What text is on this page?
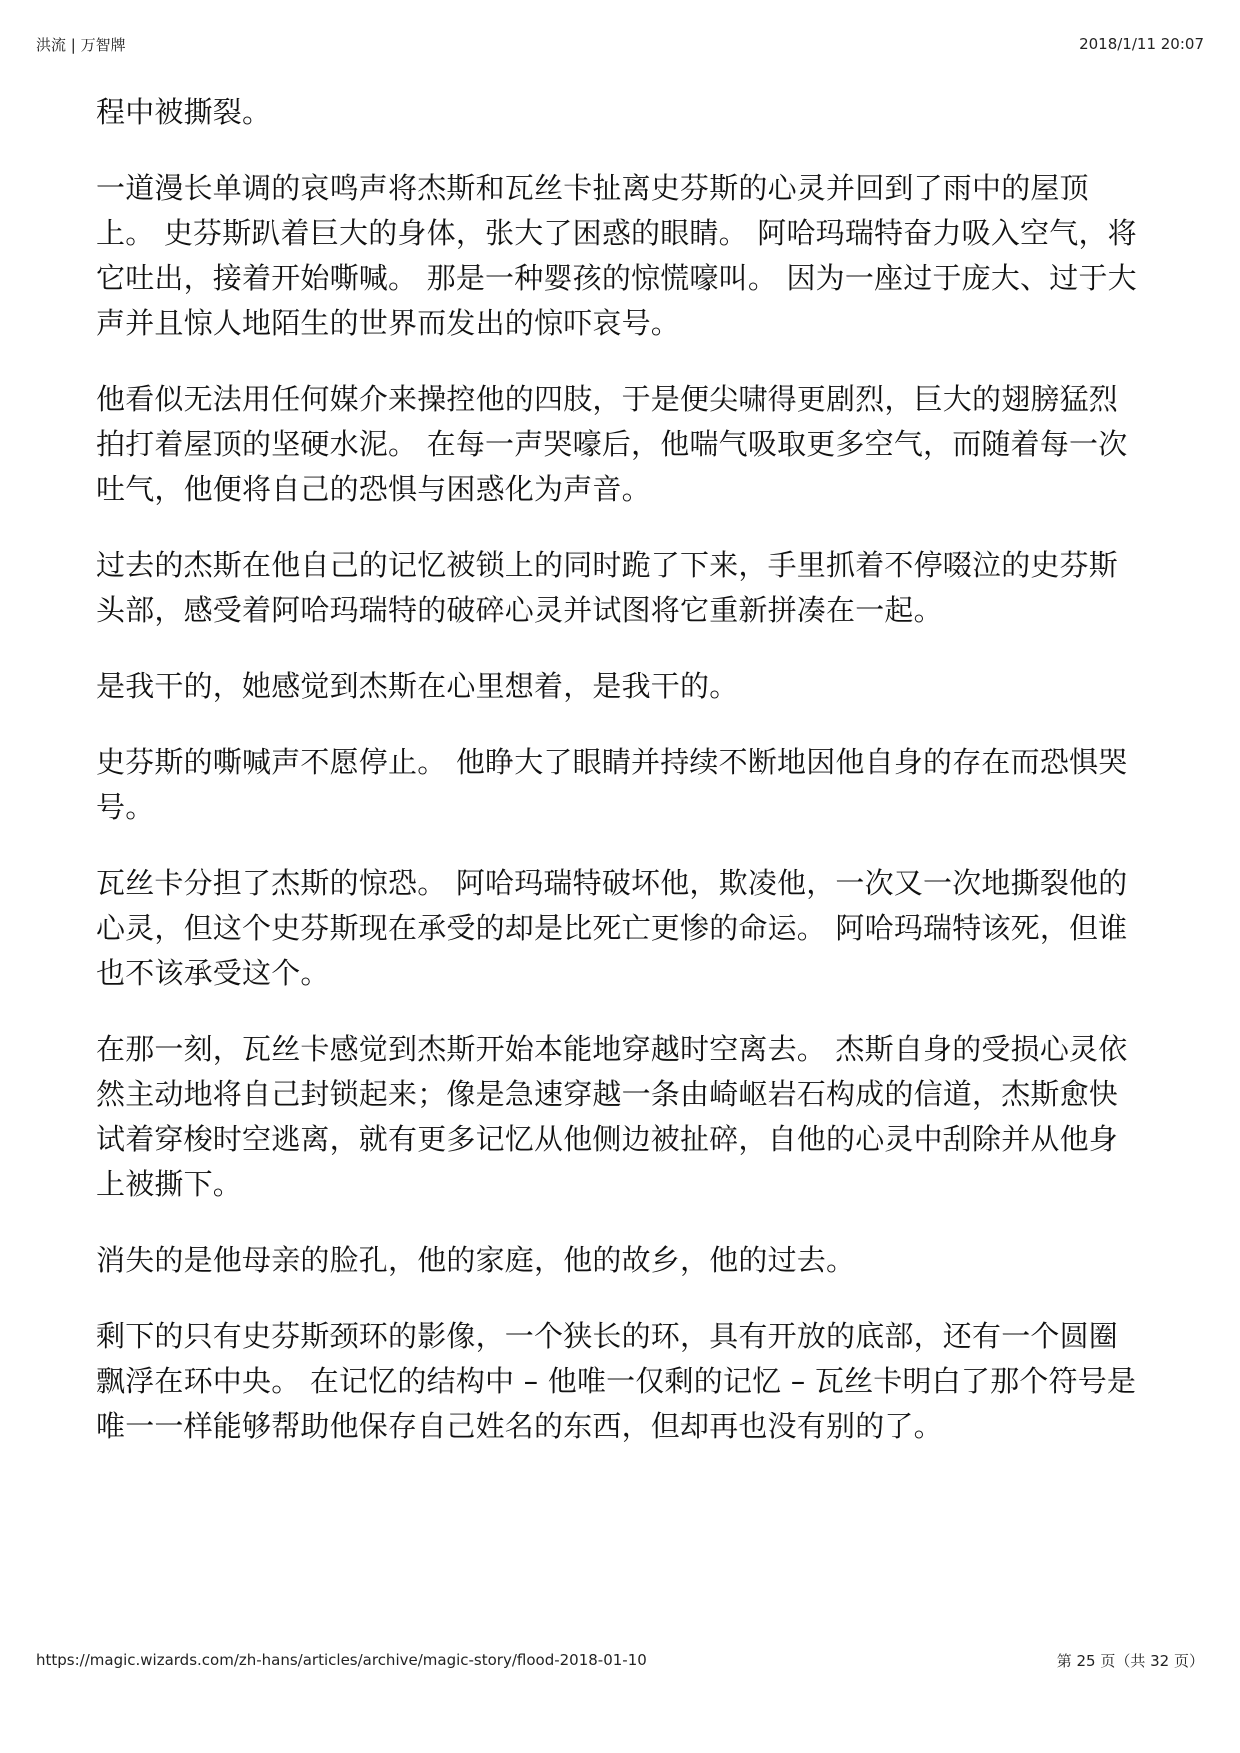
洪流 | 万智牌	2018/1/11 20:07

程中被撕裂。

一道漫长单调的哀鸣声将杰斯和瓦丝卡扯离史芬斯的心灵并回到了雨中的屋顶上。 史芬斯趴着巨大的身体，张大了困惑的眼睛。 阿哈玛瑞特奋力吸入空气，将它吐出，接着开始嘶喊。 那是一种婴孩的惊慌嚎叫。 因为一座过于庞大、过于大声并且惊人地陌生的世界而发出的惊吓哀号。

他看似无法用任何媒介来操控他的四肢，于是便尖啸得更剧烈，巨大的翅膀猛烈拍打着屋顶的坚硬水泥。 在每一声哭嚎后，他喘气吸取更多空气，而随着每一次吐气，他便将自己的恐惧与困惑化为声音。

过去的杰斯在他自己的记忆被锁上的同时跪了下来，手里抓着不停啜泣的史芬斯头部，感受着阿哈玛瑞特的破碎心灵并试图将它重新拼凑在一起。

是我干的，她感觉到杰斯在心里想着，是我干的。

史芬斯的嘶喊声不愿停止。 他睁大了眼睛并持续不断地因他自身的存在而恐惧哭号。

瓦丝卡分担了杰斯的惊恐。 阿哈玛瑞特破坏他，欺凌他，一次又一次地撕裂他的心灵，但这个史芬斯现在承受的却是比死亡更惨的命运。 阿哈玛瑞特该死，但谁也不该承受这个。

在那一刻，瓦丝卡感觉到杰斯开始本能地穿越时空离去。 杰斯自身的受损心灵依然主动地将自己封锁起来；像是急速穿越一条由崎岖岩石构成的信道，杰斯愈快试着穿梭时空逃离，就有更多记忆从他侧边被扯碎，自他的心灵中刮除并从他身上被撕下。

消失的是他母亲的脸孔，他的家庭，他的故乡，他的过去。

剩下的只有史芬斯颈环的影像，一个狭长的环，具有开放的底部，还有一个圆圈飘浮在环中央。 在记忆的结构中 – 他唯一仅剩的记忆 – 瓦丝卡明白了那个符号是唯一一样能够帮助他保存自己姓名的东西，但却再也没有别的了。

https://magic.wizards.com/zh-hans/articles/archive/magic-story/flood-2018-01-10	第 25 页（共 32 页）
